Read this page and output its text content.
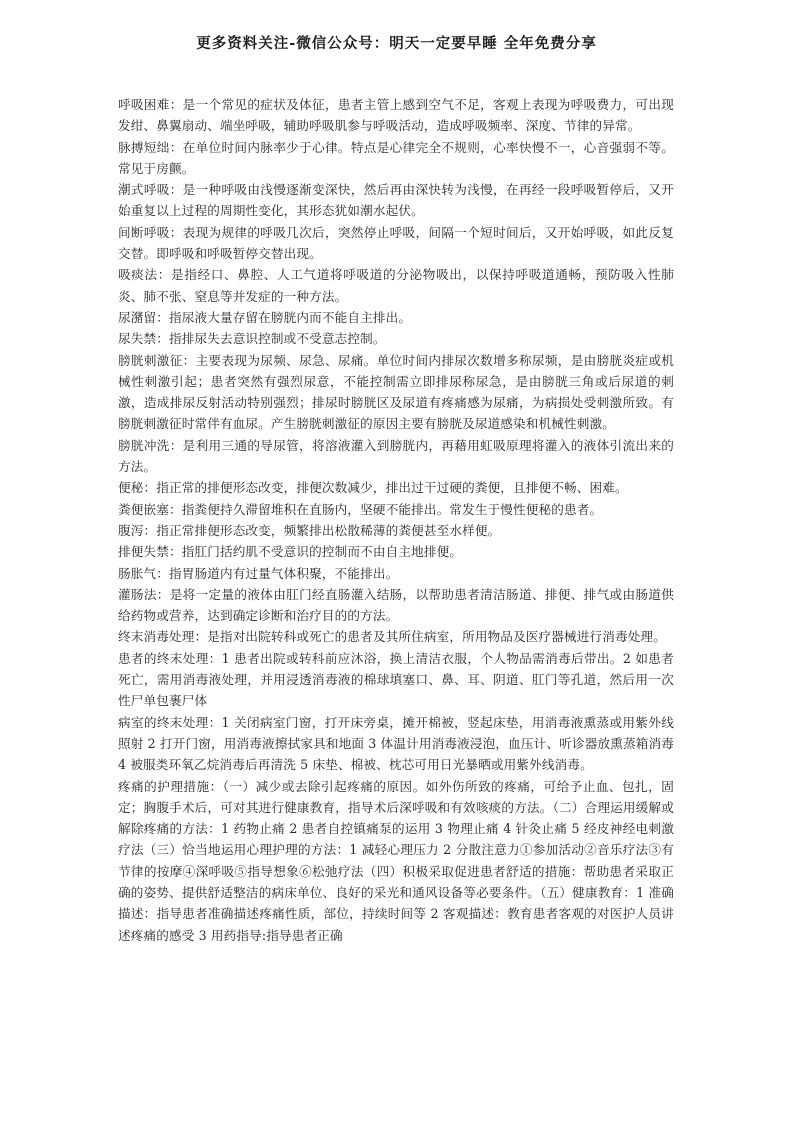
更多资料关注-微信公众号：明天一定要早睡 全年免费分享

呼吸困难：是一个常见的症状及体征，患者主管上感到空气不足，客观上表现为呼吸费力，可出现发绀、鼻翼扇动、端坐呼吸，辅助呼吸肌参与呼吸活动，造成呼吸频率、深度、节律的异常。

脉搏短绌：在单位时间内脉率少于心律。特点是心律完全不规则，心率快慢不一，心音强弱不等。常见于房颤。

潮式呼吸：是一种呼吸由浅慢逐渐变深快，然后再由深快转为浅慢，在再经一段呼吸暂停后，又开始重复以上过程的周期性变化，其形态犹如潮水起伏。

间断呼吸：表现为规律的呼吸几次后，突然停止呼吸，间隔一个短时间后，又开始呼吸，如此反复交替。即呼吸和呼吸暂停交替出现。

吸痰法：是指经口、鼻腔、人工气道将呼吸道的分泌物吸出，以保持呼吸道通畅，预防吸入性肺炎、肺不张、窒息等并发症的一种方法。

尿潴留：指尿液大量存留在膀胱内而不能自主排出。

尿失禁：指排尿失去意识控制或不受意志控制。

膀胱刺激征：主要表现为尿频、尿急、尿痛。单位时间内排尿次数增多称尿频，是由膀胱炎症或机械性刺激引起；患者突然有强烈尿意，不能控制需立即排尿称尿急，是由膀胱三角或后尿道的刺激，造成排尿反射活动特别强烈；排尿时膀胱区及尿道有疼痛感为尿痛，为病损处受刺激所致。有膀胱刺激征时常伴有血尿。产生膀胱刺激征的原因主要有膀胱及尿道感染和机械性刺激。

膀胱冲洗：是利用三通的导尿管，将溶液灌入到膀胱内，再藉用虹吸原理将灌入的液体引流出来的方法。

便秘：指正常的排便形态改变，排便次数减少，排出过干过硬的粪便，且排便不畅、困难。

粪便嵌塞：指粪便持久滞留堆积在直肠内，坚硬不能排出。常发生于慢性便秘的患者。

腹泻：指正常排便形态改变，频繁排出松散稀薄的粪便甚至水样便。

排便失禁：指肛门括约肌不受意识的控制而不由自主地排便。

肠胀气：指胃肠道内有过量气体积聚，不能排出。

灌肠法：是将一定量的液体由肛门经直肠灌入结肠，以帮助患者清洁肠道、排便、排气或由肠道供给药物或营养，达到确定诊断和治疗目的的方法。

终末消毒处理：是指对出院转科或死亡的患者及其所住病室，所用物品及医疗器械进行消毒处理。

患者的终末处理：1 患者出院或转科前应沐浴，换上清洁衣服，个人物品需消毒后带出。2 如患者死亡，需用消毒液处理，并用浸透消毒液的棉球填塞口、鼻、耳、阴道、肛门等孔道，然后用一次性尸单包裹尸体

病室的终末处理：1 关闭病室门窗，打开床旁桌，摊开棉被，竖起床垫，用消毒液熏蒸或用紫外线照射 2 打开门窗，用消毒液擦拭家具和地面 3 体温计用消毒液浸泡，血压计、听诊器放熏蒸箱消毒 4 被服类环氧乙烷消毒后再清洗 5 床垫、棉被、枕芯可用日光暴晒或用紫外线消毒。

疼痛的护理措施：（一）减少或去除引起疼痛的原因。如外伤所致的疼痛，可给予止血、包扎，固定；胸腹手术后，可对其进行健康教育，指导术后深呼吸和有效咳痰的方法。（二）合理运用缓解或解除疼痛的方法：1 药物止痛 2 患者自控镇痛泵的运用 3 物理止痛 4 针灸止痛 5 经皮神经电刺激疗法（三）恰当地运用心理护理的方法：1 减轻心理压力 2 分散注意力①参加活动②音乐疗法③有节律的按摩④深呼吸⑤指导想象⑥松弛疗法（四）积极采取促进患者舒适的措施：帮助患者采取正确的姿势、提供舒适整洁的病床单位、良好的采光和通风设备等必要条件。（五）健康教育：1 准确描述：指导患者准确描述疼痛性质，部位，持续时间等 2 客观描述：教育患者客观的对医护人员讲述疼痛的感受 3 用药指导:指导患者正确
